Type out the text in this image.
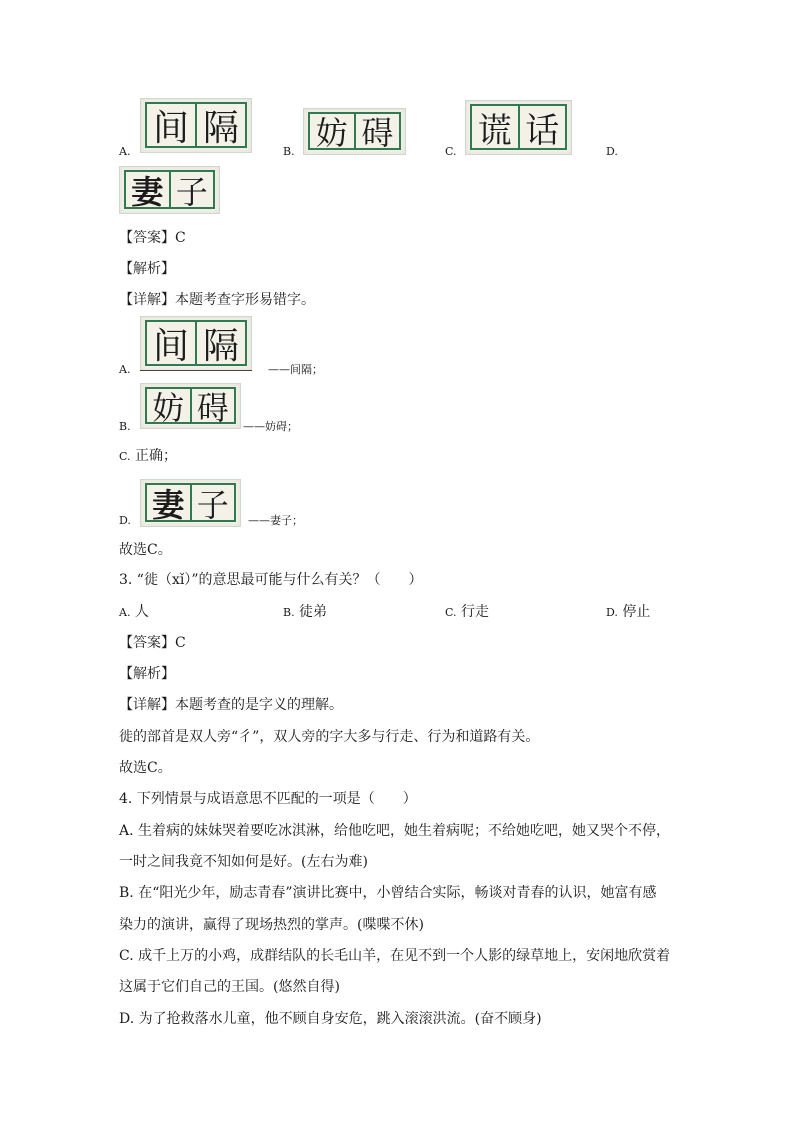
A.
间 隔
B. 妨 碍	C.
谎 话
D.
妻 子
【答案】C
【解析】
【详解】本题考查字形易错字。
A.
间 隔
——间隔；
B. 妨 碍	——妨碍；
C. 正确；
D. 妻 子	——妻子；
故选C。
3. “徙（xǐ）”的意思最可能与什么有关？（　　）
A. 人	B. 徒弟	C. 行走	D. 停止
【答案】C
【解析】
【详解】本题考查的是字义的理解。
徙的部首是双人旁“彳”，双人旁的字大多与行走、行为和道路有关。
故选C。
4. 下列情景与成语意思不匹配的一项是（　　）
A. 生着病的妹妹哭着要吃冰淇淋，给他吃吧，她生着病呢；不给她吃吧，她又哭个不停，
一时之间我竟不知如何是好。(左右为难)
B. 在“阳光少年，励志青春”演讲比赛中，小曾结合实际，畅谈对青春的认识，她富有感
染力的演讲，赢得了现场热烈的掌声。(喋喋不休)
C. 成千上万的小鸡，成群结队的长毛山羊，在见不到一个人影的绿草地上，安闲地欣赏着
这属于它们自己的王国。(悠然自得)
D. 为了抢救落水儿童，他不顾自身安危，跳入滚滚洪流。(奋不顾身)
